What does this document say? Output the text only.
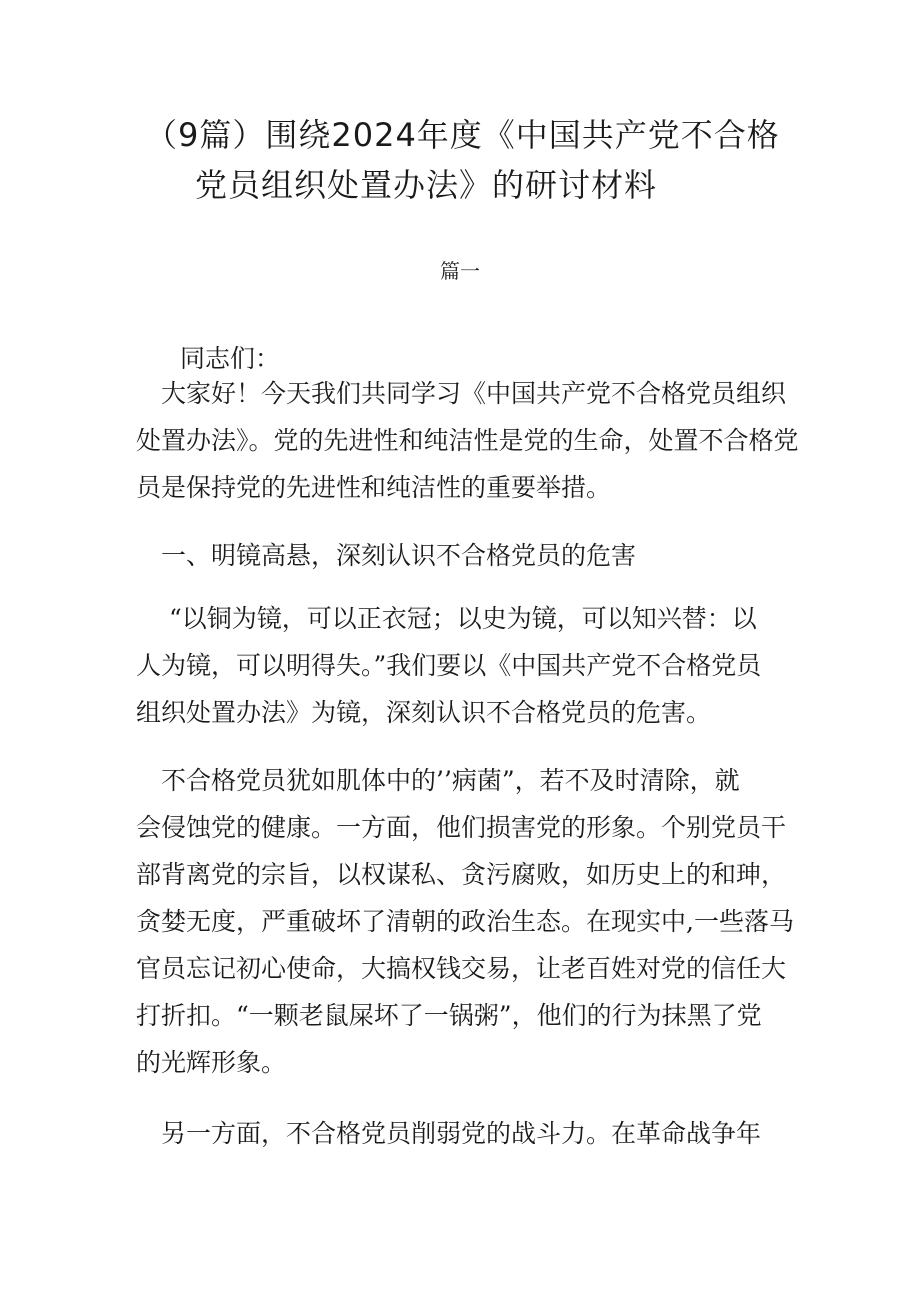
（9篇）围绕2024年度《中国共产党不合格
党员组织处置办法》的研讨材料
篇一
同志们：
　大家好！今天我们共同学习《中国共产党不合格党员组织
处置办法》。党的先进性和纯洁性是党的生命，处置不合格党
员是保持党的先进性和纯洁性的重要举措。
　一、明镜高悬，深刻认识不合格党员的危害
　 “以铜为镜，可以正衣冠；以史为镜，可以知兴替：以
人为镜，可以明得失。”我们要以《中国共产党不合格党员
组织处置办法》为镜，深刻认识不合格党员的危害。
　不合格党员犹如肌体中的’’病菌”，若不及时清除，就
会侵蚀党的健康。一方面，他们损害党的形象。个别党员干
部背离党的宗旨，以权谋私、贪污腐败，如历史上的和珅，
贪婪无度，严重破坏了清朝的政治生态。在现实中,一些落马
官员忘记初心使命，大搞权钱交易，让老百姓对党的信任大
打折扣。“一颗老鼠屎坏了一锅粥”，他们的行为抹黑了党
的光辉形象。
　另一方面，不合格党员削弱党的战斗力。在革命战争年
